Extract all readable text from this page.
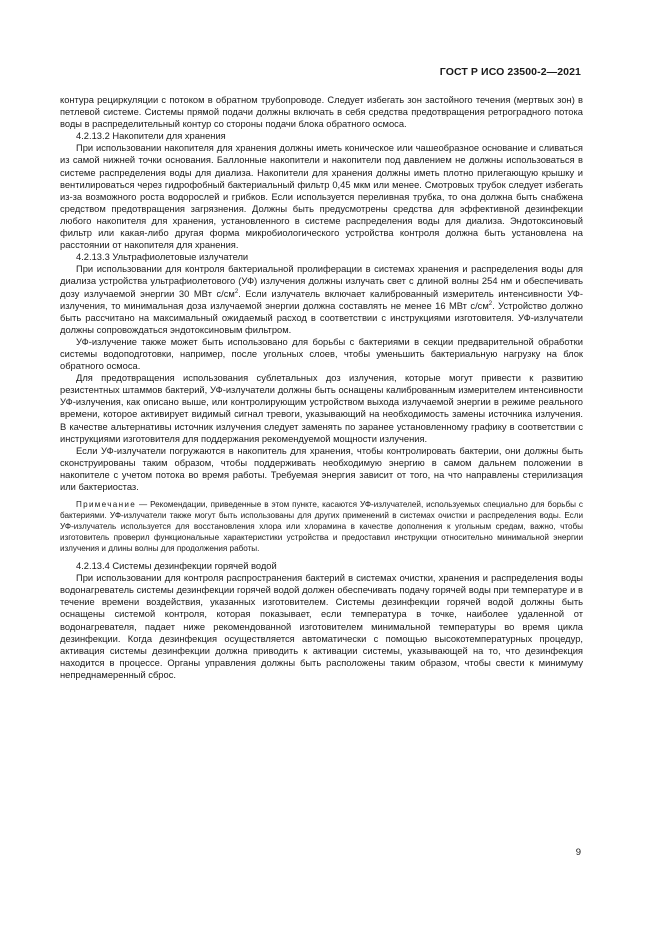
ГОСТ Р ИСО 23500-2—2021

контура рециркуляции с потоком в обратном трубопроводе. Следует избегать зон застойного течения (мертвых зон) в петлевой системе. Системы прямой подачи должны включать в себя средства предотвращения ретроградного потока воды в распределительный контур со стороны подачи блока обратного осмоса.

4.2.13.2 Накопители для хранения

При использовании накопителя для хранения должны иметь коническое или чашеобразное основание и сливаться из самой нижней точки основания. Баллонные накопители и накопители под давлением не должны использоваться в системе распределения воды для диализа. Накопители для хранения должны иметь плотно прилегающую крышку и вентилироваться через гидрофобный бактериальный фильтр 0,45 мкм или менее. Смотровых трубок следует избегать из-за возможного роста водорослей и грибков. Если используется переливная трубка, то она должна быть снабжена средством предотвращения загрязнения. Должны быть предусмотрены средства для эффективной дезинфекции любого накопителя для хранения, установленного в системе распределения воды для диализа. Эндотоксиновый фильтр или какая-либо другая форма микробиологического устройства контроля должна быть установлена на расстоянии от накопителя для хранения.

4.2.13.3 Ультрафиолетовые излучатели

При использовании для контроля бактериальной пролиферации в системах хранения и распределения воды для диализа устройства ультрафиолетового (УФ) излучения должны излучать свет с длиной волны 254 нм и обеспечивать дозу излучаемой энергии 30 МВт $с/см^2$. Если излучатель включает калиброванный измеритель интенсивности УФ-излучения, то минимальная доза излучаемой энергии должна составлять не менее 16 МВт $с/см^2$. Устройство должно быть рассчитано на максимальный ожидаемый расход в соответствии с инструкциями изготовителя. УФ-излучатели должны сопровождаться эндотоксиновым фильтром.

УФ-излучение также может быть использовано для борьбы с бактериями в секции предварительной обработки системы водоподготовки, например, после угольных слоев, чтобы уменьшить бактериальную нагрузку на блок обратного осмоса.

Для предотвращения использования сублетальных доз излучения, которые могут привести к развитию резистентных штаммов бактерий, УФ-излучатели должны быть оснащены калиброванным измерителем интенсивности УФ-излучения, как описано выше, или контролирующим устройством выхода излучаемой энергии в режиме реального времени, которое активирует видимый сигнал тревоги, указывающий на необходимость замены источника излучения. В качестве альтернативы источник излучения следует заменять по заранее установленному графику в соответствии с инструкциями изготовителя для поддержания рекомендуемой мощности излучения.

Если УФ-излучатели погружаются в накопитель для хранения, чтобы контролировать бактерии, они должны быть сконструированы таким образом, чтобы поддерживать необходимую энергию в самом дальнем положении в накопителе с учетом потока во время работы. Требуемая энергия зависит от того, на что направлены стерилизация или бактериостаз.

Примечание — Рекомендации, приведенные в этом пункте, касаются УФ-излучателей, используемых специально для борьбы с бактериями. УФ-излучатели также могут быть использованы для других применений в системах очистки и распределения воды. Если УФ-излучатель используется для восстановления хлора или хлорамина в качестве дополнения к угольным средам, важно, чтобы изготовитель проверил функциональные характеристики устройства и предоставил инструкции относительно минимальной энергии излучения и длины волны для продолжения работы.

4.2.13.4 Системы дезинфекции горячей водой

При использовании для контроля распространения бактерий в системах очистки, хранения и распределения воды водонагреватель системы дезинфекции горячей водой должен обеспечивать подачу горячей воды при температуре и в течение времени воздействия, указанных изготовителем. Системы дезинфекции горячей водой должны быть оснащены системой контроля, которая показывает, если температура в точке, наиболее удаленной от водонагревателя, падает ниже рекомендованной изготовителем минимальной температуры во время цикла дезинфекции. Когда дезинфекция осуществляется автоматически с помощью высокотемпературных процедур, активация системы дезинфекции должна приводить к активации системы, указывающей на то, что дезинфекция находится в процессе. Органы управления должны быть расположены таким образом, чтобы свести к минимуму непреднамеренный сброс.

9
